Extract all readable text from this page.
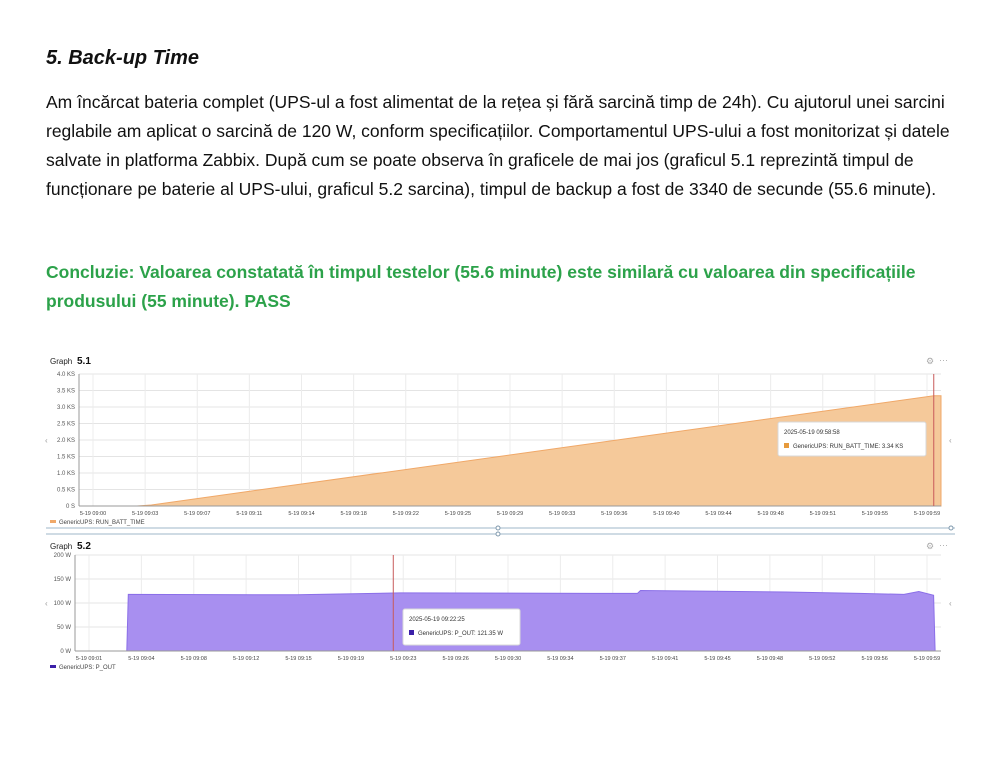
5. Back-up Time

Am încărcat bateria complet (UPS-ul a fost alimentat de la rețea și fără sarcină timp de 24h). Cu ajutorul unei sarcini reglabile am aplicat o sarcină de 120 W, conform specificațiilor. Comportamentul UPS-ului a fost monitorizat și datele salvate in platforma Zabbix. După cum se poate observa în graficele de mai jos (graficul 5.1 reprezintă timpul de funcționare pe baterie al UPS-ului, graficul 5.2 sarcina), timpul de backup a fost de 3340 de secunde (55.6 minute).

Concluzie: Valoarea constatată în timpul testelor (55.6 minute) este similară cu valoarea din specificațiile produsului (55 minute). PASS

Graph 5.1	⚙ ···
4.0 KS
3.5 KS
3.0 KS
2.5 KS
2.0 KS
1.5 KS
1.0 KS
0.5 KS
0 S
5-19 09:00	5-19 09:03	5-19 09:07	5-19 09:11	5-19 09:14	5-19 09:18	5-19 09:22	5-19 09:25	5-19 09:29	5-19 09:33	5-19 09:36	5-19 09:40	5-19 09:44	5-19 09:48	5-19 09:51	5-19 09:55	5-19 09:59
2025-05-19 09:58:58
GenericUPS: RUN_BATT_TIME: 3.34 KS
GenericUPS: RUN_BATT_TIME
‹	‹
Graph 5.2	⚙ ···
200 W
150 W
100 W
50 W
0 W
5-19 09:01	5-19 09:04	5-19 09:08	5-19 09:12	5-19 09:15	5-19 09:19	5-19 09:23	5-19 09:26	5-19 09:30	5-19 09:34	5-19 09:37	5-19 09:41	5-19 09:45	5-19 09:48	5-19 09:52	5-19 09:56	5-19 09:59
2025-05-19 09:22:25
GenericUPS: P_OUT: 121.35 W
GenericUPS: P_OUT
‹	‹
